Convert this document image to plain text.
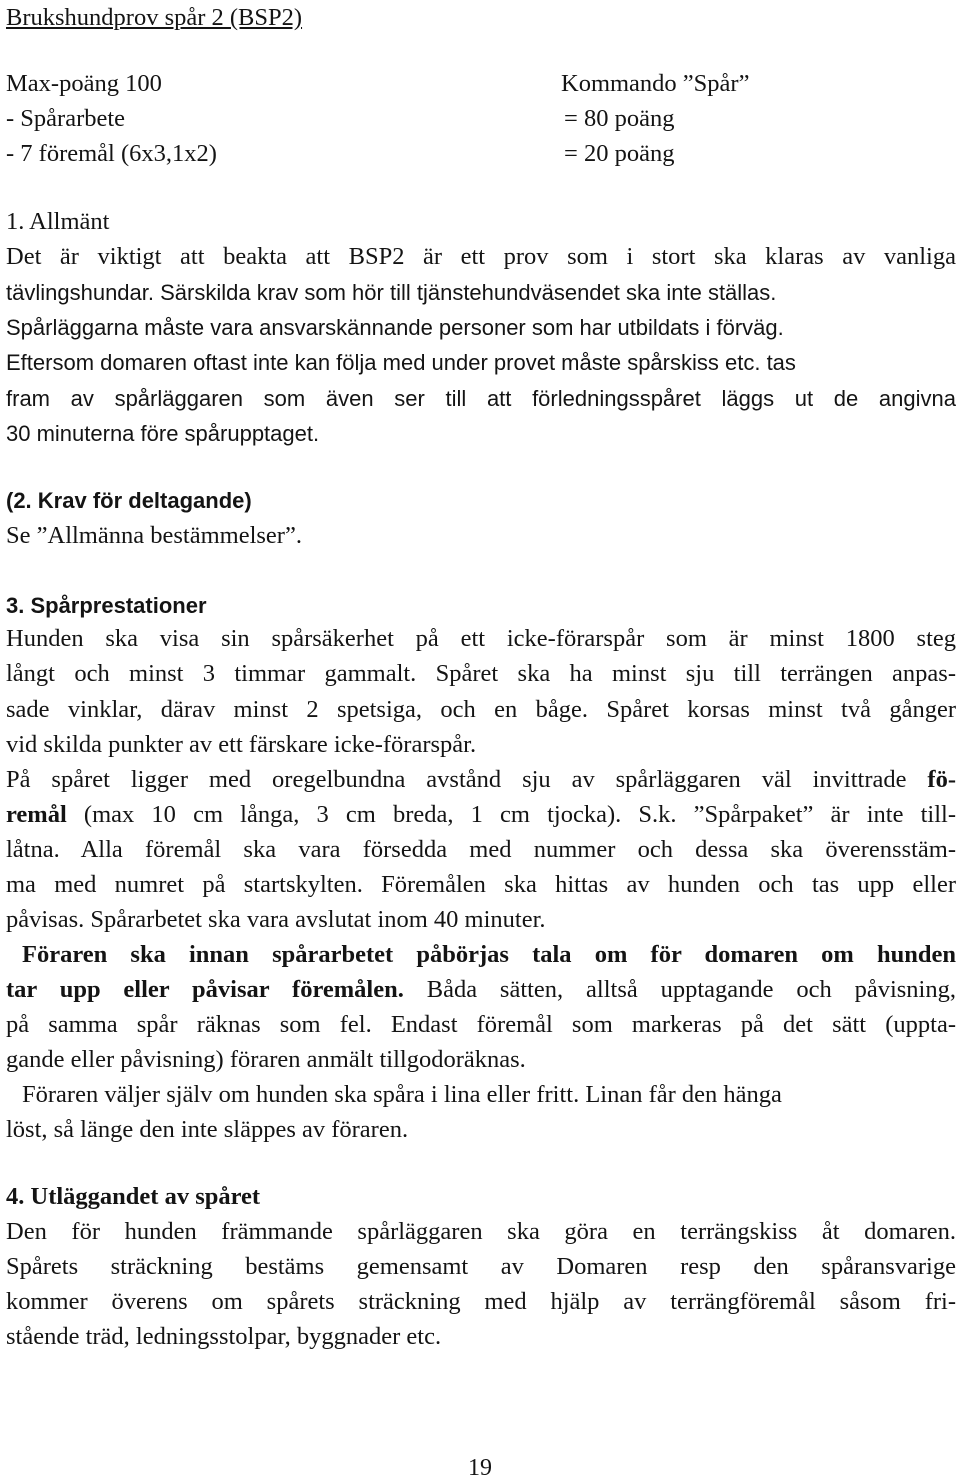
Brukshundprov spår 2 (BSP2)
Max-poäng 100	Kommando ”Spår”
- Spårarbete	= 80 poäng
- 7 föremål (6x3,1x2)	= 20 poäng
1. Allmänt
Det är viktigt att beakta att BSP2 är ett prov som i stort ska klaras av vanliga
tävlingshundar. Särskilda krav som hör till tjänstehundväsendet ska inte ställas.
Spårläggarna måste vara ansvarskännande personer som har utbildats i förväg.
Eftersom domaren oftast inte kan följa med under provet måste spårskiss etc. tas
fram av spårläggaren som även ser till att förledningsspåret läggs ut de angivna
30 minuterna före spårupptaget.
(2. Krav för deltagande)
Se ”Allmänna bestämmelser”.
3. Spårprestationer
Hunden ska visa sin spårsäkerhet på ett icke-förarspår som är minst 1800 steg
långt och minst 3 timmar gammalt. Spåret ska ha minst sju till terrängen anpas-
sade vinklar, därav minst 2 spetsiga, och en båge. Spåret korsas minst två gånger
vid skilda punkter av ett färskare icke-förarspår.
På spåret ligger med oregelbundna avstånd sju av spårläggaren väl invittrade fö-
remål (max 10 cm långa, 3 cm breda, 1 cm tjocka). S.k. ”Spårpaket” är inte till-
låtna. Alla föremål ska vara försedda med nummer och dessa ska överensstäm-
ma med numret på startskylten. Föremålen ska hittas av hunden och tas upp eller
påvisas. Spårarbetet ska vara avslutat inom 40 minuter.
Föraren ska innan spårarbetet påbörjas tala om för domaren om hunden
tar upp eller påvisar föremålen. Båda sätten, alltså upptagande och påvisning,
på samma spår räknas som fel. Endast föremål som markeras på det sätt (uppta-
gande eller påvisning) föraren anmält tillgodoräknas.
Föraren väljer själv om hunden ska spåra i lina eller fritt. Linan får den hänga
löst, så länge den inte släppes av föraren.
4. Utläggandet av spåret
Den för hunden främmande spårläggaren ska göra en terrängskiss åt domaren.
Spårets sträckning bestäms gemensamt av Domaren resp den spåransvarige
kommer överens om spårets sträckning med hjälp av terrängföremål såsom fri-
stående träd, ledningsstolpar, byggnader etc.
19
